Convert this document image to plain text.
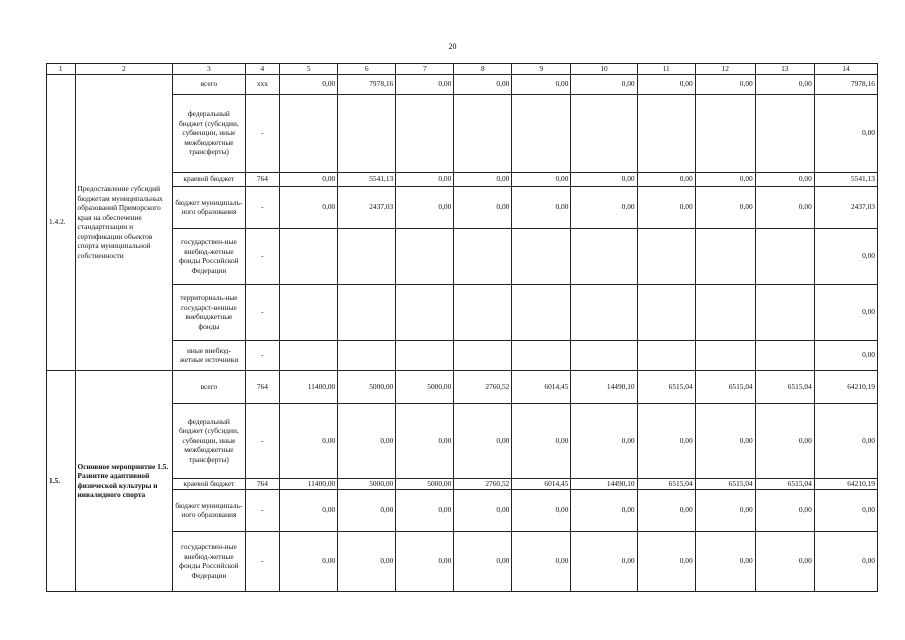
20
1	2	3	4	5	6	7	8	9	10	11	12	13	14
1.4.2.	Предоставление субсидий бюджетам муниципальных образований Приморского края на обеспечение стандартизации и сертификации объектов спорта муниципальной собственности	всего	ххх	0,00	7978,16	0,00	0,00	0,00	0,00	0,00	0,00	0,00	7978,16
		федеральный бюджет (субсидии, субвенции, иные межбюджетные трансферты)	-										0,00
		краевой бюджет	764	0,00	5541,13	0,00	0,00	0,00	0,00	0,00	0,00	0,00	5541,13
		бюджет муниципаль-ного образования	-	0,00	2437,03	0,00	0,00	0,00	0,00	0,00	0,00	0,00	2437,03
		государствен-ные внебюд-жетные фонды Российской Федерации	-										0,00
		территориаль-ные государст-венные внебюджетные фонды	-										0,00
		иные внебюд-жетные источники	-										0,00
1.5.	Основное мероприятие 1.5. Развитие адаптивной физической культуры и инвалидного спорта	всего	764	11400,00	5000,00	5000,00	2760,52	6014,45	14490,10	6515,04	6515,04	6515,04	64210,19
		федеральный бюджет (субсидии, субвенции, иные межбюджетные трансферты)	-	0,00	0,00	0,00	0,00	0,00	0,00	0,00	0,00	0,00	0,00
		краевой бюджет	764	11400,00	5000,00	5000,00	2760,52	6014,45	14490,10	6515,04	6515,04	6515,04	64210,19
		бюджет муниципаль-ного образования	-	0,00	0,00	0,00	0,00	0,00	0,00	0,00	0,00	0,00	0,00
		государствен-ные внебюд-жетные фонды Российской Федерации	-	0,00	0,00	0,00	0,00	0,00	0,00	0,00	0,00	0,00	0,00
